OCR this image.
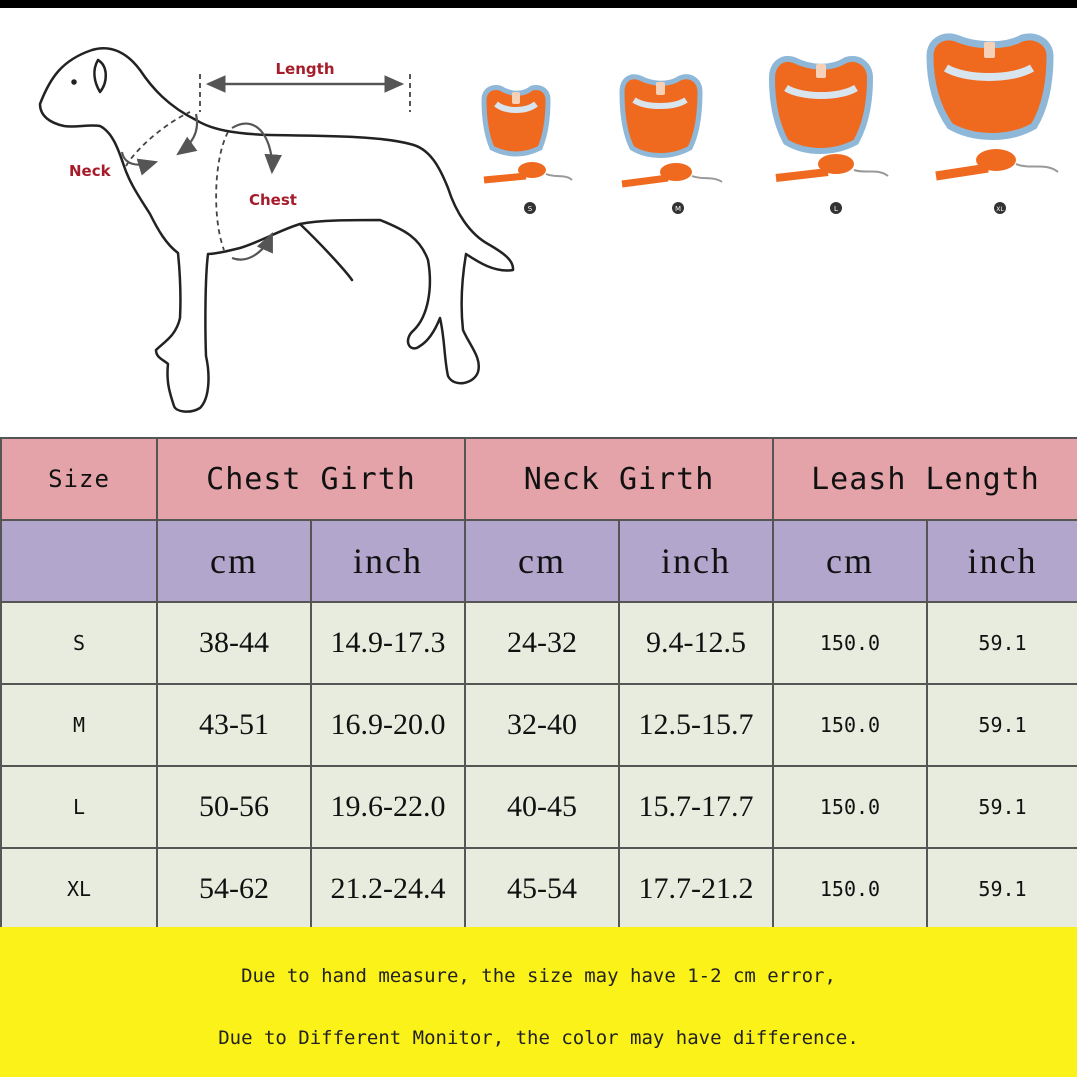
Length
Neck
Chest	S	M	L	XL
Size	Chest Girth		Neck Girth		Leash Length	
	cm	inch	cm	inch	cm	inch
S	38-44	14.9-17.3	24-32	9.4-12.5	150.0	59.1
M	43-51	16.9-20.0	32-40	12.5-15.7	150.0	59.1
L	50-56	19.6-22.0	40-45	15.7-17.7	150.0	59.1
XL	54-62	21.2-24.4	45-54	17.7-21.2	150.0	59.1
Due to hand measure, the size may have 1-2 cm error,
Due to Different Monitor, the color may have difference.
